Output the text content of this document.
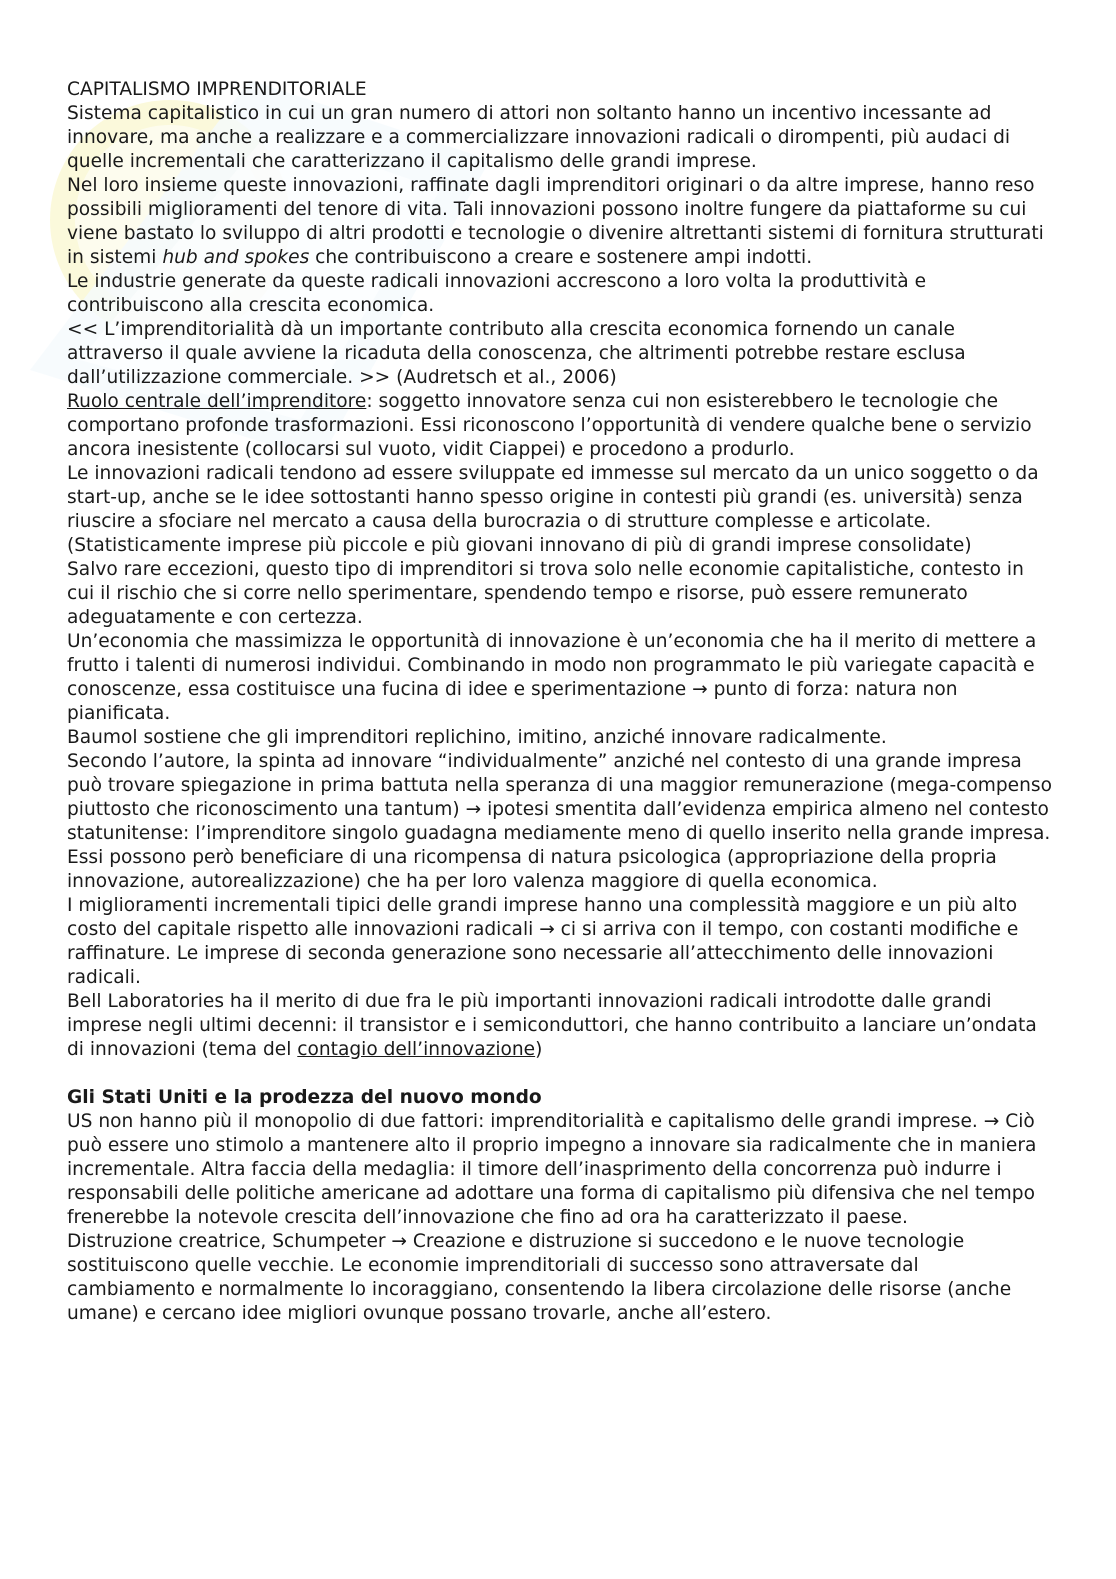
CAPITALISMO IMPRENDITORIALE

Sistema capitalistico in cui un gran numero di attori non soltanto hanno un incentivo incessante ad innovare, ma anche a realizzare e a commercializzare innovazioni radicali o dirompenti, più audaci di quelle incrementali che caratterizzano il capitalismo delle grandi imprese.

Nel loro insieme queste innovazioni, raffinate dagli imprenditori originari o da altre imprese, hanno reso possibili miglioramenti del tenore di vita. Tali innovazioni possono inoltre fungere da piattaforme su cui viene bastato lo sviluppo di altri prodotti e tecnologie o divenire altrettanti sistemi di fornitura strutturati in sistemi hub and spokes che contribuiscono a creare e sostenere ampi indotti.

Le industrie generate da queste radicali innovazioni accrescono a loro volta la produttività e contribuiscono alla crescita economica.

<< L’imprenditorialità dà un importante contributo alla crescita economica fornendo un canale attraverso il quale avviene la ricaduta della conoscenza, che altrimenti potrebbe restare esclusa dall’utilizzazione commerciale. >> (Audretsch et al., 2006)

Ruolo centrale dell’imprenditore: soggetto innovatore senza cui non esisterebbero le tecnologie che comportano profonde trasformazioni. Essi riconoscono l’opportunità di vendere qualche bene o servizio ancora inesistente (collocarsi sul vuoto, vidit Ciappei) e procedono a produrlo.

Le innovazioni radicali tendono ad essere sviluppate ed immesse sul mercato da un unico soggetto o da start-up, anche se le idee sottostanti hanno spesso origine in contesti più grandi (es. università) senza riuscire a sfociare nel mercato a causa della burocrazia o di strutture complesse e articolate. (Statisticamente imprese più piccole e più giovani innovano di più di grandi imprese consolidate)

Salvo rare eccezioni, questo tipo di imprenditori si trova solo nelle economie capitalistiche, contesto in cui il rischio che si corre nello sperimentare, spendendo tempo e risorse, può essere remunerato adeguatamente e con certezza.

Un’economia che massimizza le opportunità di innovazione è un’economia che ha il merito di mettere a frutto i talenti di numerosi individui. Combinando in modo non programmato le più variegate capacità e conoscenze, essa costituisce una fucina di idee e sperimentazione → punto di forza: natura non pianificata.

Baumol sostiene che gli imprenditori replichino, imitino, anziché innovare radicalmente.

Secondo l’autore, la spinta ad innovare “individualmente” anziché nel contesto di una grande impresa può trovare spiegazione in prima battuta nella speranza di una maggior remunerazione (mega-compenso piuttosto che riconoscimento una tantum) → ipotesi smentita dall’evidenza empirica almeno nel contesto statunitense: l’imprenditore singolo guadagna mediamente meno di quello inserito nella grande impresa. Essi possono però beneficiare di una ricompensa di natura psicologica (appropriazione della propria innovazione, autorealizzazione) che ha per loro valenza maggiore di quella economica.

I miglioramenti incrementali tipici delle grandi imprese hanno una complessità maggiore e un più alto costo del capitale rispetto alle innovazioni radicali → ci si arriva con il tempo, con costanti modifiche e raffinature. Le imprese di seconda generazione sono necessarie all’attecchimento delle innovazioni radicali.

Bell Laboratories ha il merito di due fra le più importanti innovazioni radicali introdotte dalle grandi imprese negli ultimi decenni: il transistor e i semiconduttori, che hanno contribuito a lanciare un’ondata di innovazioni (tema del contagio dell’innovazione)

Gli Stati Uniti e la prodezza del nuovo mondo

US non hanno più il monopolio di due fattori: imprenditorialità e capitalismo delle grandi imprese. → Ciò può essere uno stimolo a mantenere alto il proprio impegno a innovare sia radicalmente che in maniera incrementale. Altra faccia della medaglia: il timore dell’inasprimento della concorrenza può indurre i responsabili delle politiche americane ad adottare una forma di capitalismo più difensiva che nel tempo frenerebbe la notevole crescita dell’innovazione che fino ad ora ha caratterizzato il paese.

Distruzione creatrice, Schumpeter → Creazione e distruzione si succedono e le nuove tecnologie sostituiscono quelle vecchie. Le economie imprenditoriali di successo sono attraversate dal cambiamento e normalmente lo incoraggiano, consentendo la libera circolazione delle risorse (anche umane) e cercano idee migliori ovunque possano trovarle, anche all’estero.
